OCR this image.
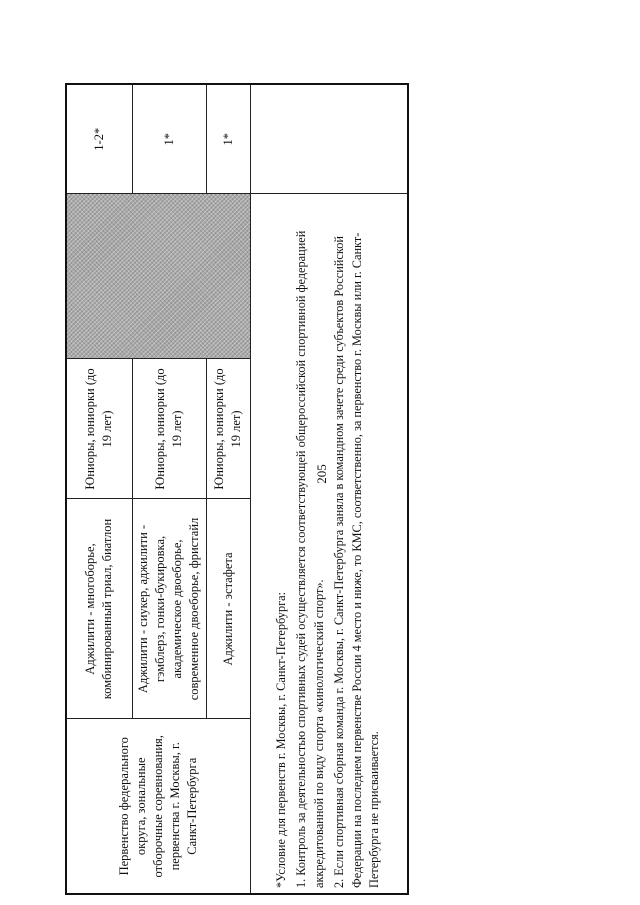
205
Первенство федерального округа, зональные отборочные соревнования, первенства г. Москвы, г. Санкт-Петербурга	Аджилити - многоборье, комбинированный триал, биатлон	Юниоры, юниорки (до 19 лет)		1-2*
	Аджилити - сиукер, аджилити - гэмблерз, гонки-букировка, академическое двоеборье, современное двоеборье, фристайл	Юниоры, юниорки (до 19 лет)		1*
	Аджилити - эстафета	Юниоры, юниорки (до 19 лет)		1*

*Условие для первенств г. Москвы, г. Санкт-Петербурга: 1. Контроль за деятельностью спортивных судей осуществляется соответствующей общероссийской спортивной федерацией аккредитованной по виду спорта «кинологический спорт». 2. Если спортивная сборная команда г. Москвы, г. Санкт-Петербурга заняла в командном зачете среди субъектов Российской Федерации на последнем первенстве России 4 место и ниже, то КМС, соответственно, за первенство г. Москвы или г. Санкт-Петербурга не присваивается.				
